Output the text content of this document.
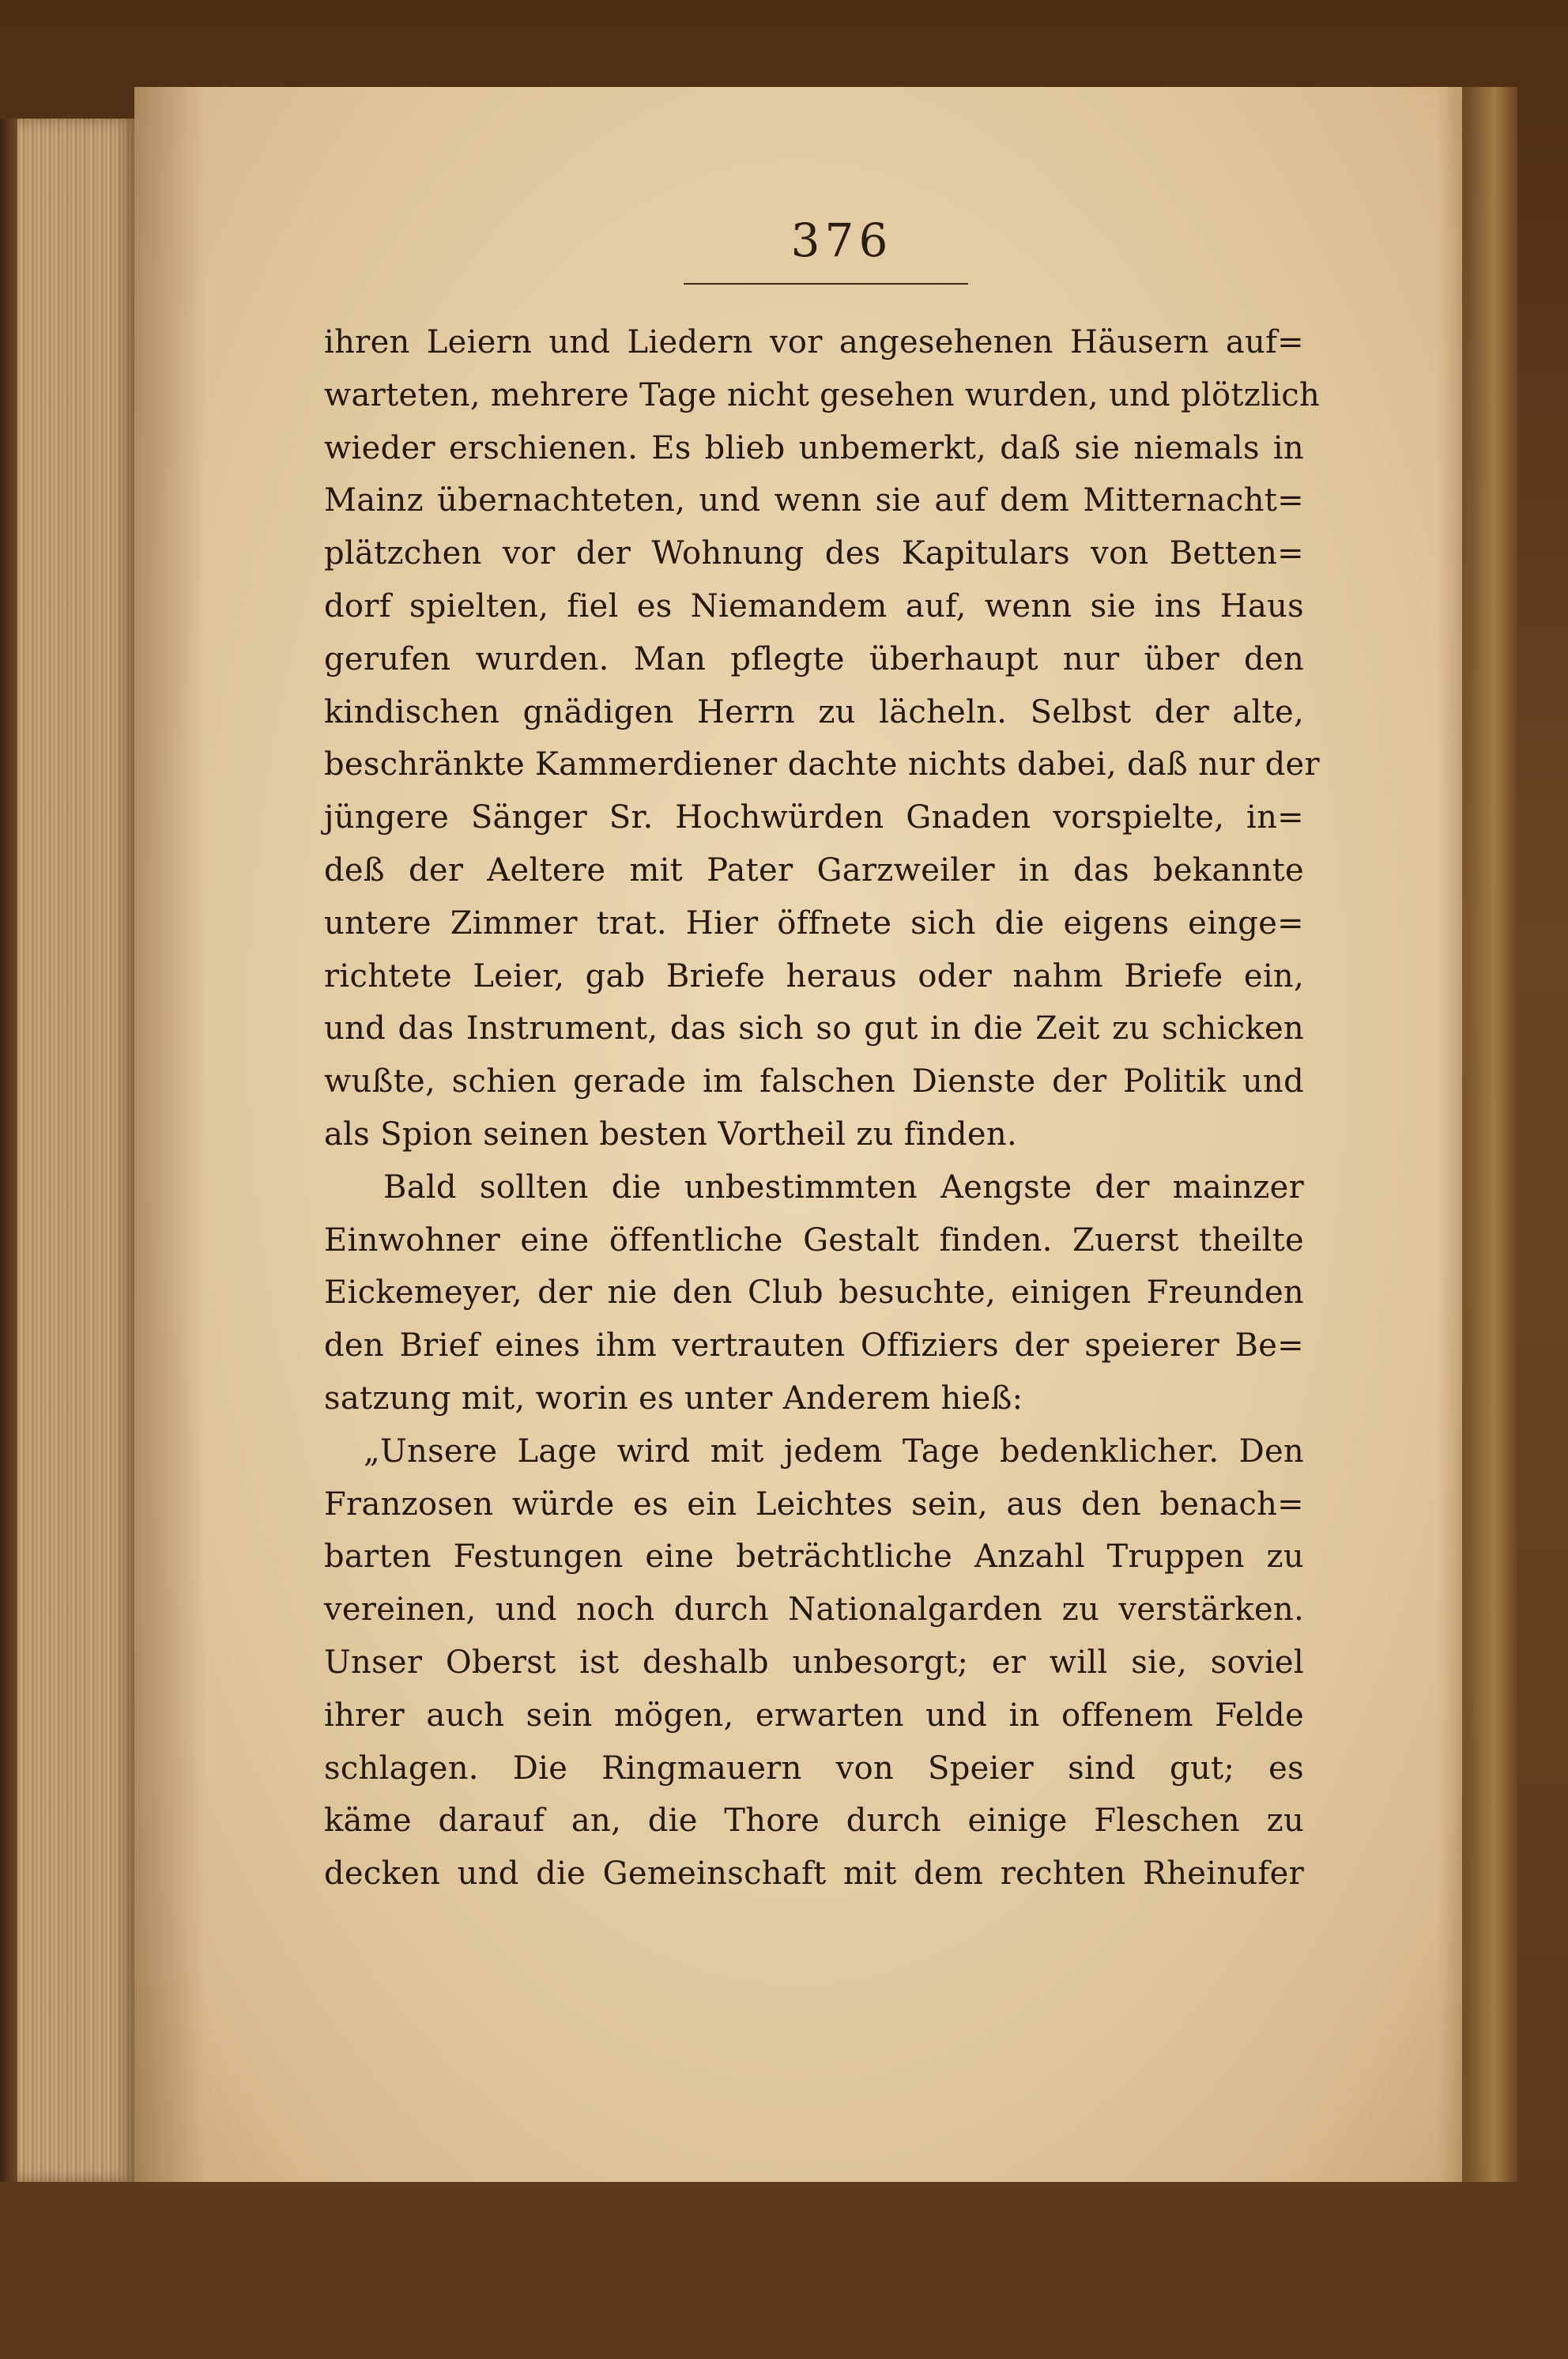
376
ihren Leiern und Liedern vor angesehenen Häusern auf=
warteten, mehrere Tage nicht gesehen wurden, und plötzlich
wieder erschienen. Es blieb unbemerkt, daß sie niemals in
Mainz übernachteten, und wenn sie auf dem Mitternacht=
plätzchen vor der Wohnung des Kapitulars von Betten=
dorf spielten, fiel es Niemandem auf, wenn sie ins Haus
gerufen wurden. Man pflegte überhaupt nur über den
kindischen gnädigen Herrn zu lächeln. Selbst der alte,
beschränkte Kammerdiener dachte nichts dabei, daß nur der
jüngere Sänger Sr. Hochwürden Gnaden vorspielte, in=
deß der Aeltere mit Pater Garzweiler in das bekannte
untere Zimmer trat. Hier öffnete sich die eigens einge=
richtete Leier, gab Briefe heraus oder nahm Briefe ein,
und das Instrument, das sich so gut in die Zeit zu schicken
wußte, schien gerade im falschen Dienste der Politik und
als Spion seinen besten Vortheil zu finden.
Bald sollten die unbestimmten Aengste der mainzer
Einwohner eine öffentliche Gestalt finden. Zuerst theilte
Eickemeyer, der nie den Club besuchte, einigen Freunden
den Brief eines ihm vertrauten Offiziers der speierer Be=
satzung mit, worin es unter Anderem hieß:
„Unsere Lage wird mit jedem Tage bedenklicher. Den
Franzosen würde es ein Leichtes sein, aus den benach=
barten Festungen eine beträchtliche Anzahl Truppen zu
vereinen, und noch durch Nationalgarden zu verstärken.
Unser Oberst ist deshalb unbesorgt; er will sie, soviel
ihrer auch sein mögen, erwarten und in offenem Felde
schlagen. Die Ringmauern von Speier sind gut; es
käme darauf an, die Thore durch einige Fleschen zu
decken und die Gemeinschaft mit dem rechten Rheinufer
